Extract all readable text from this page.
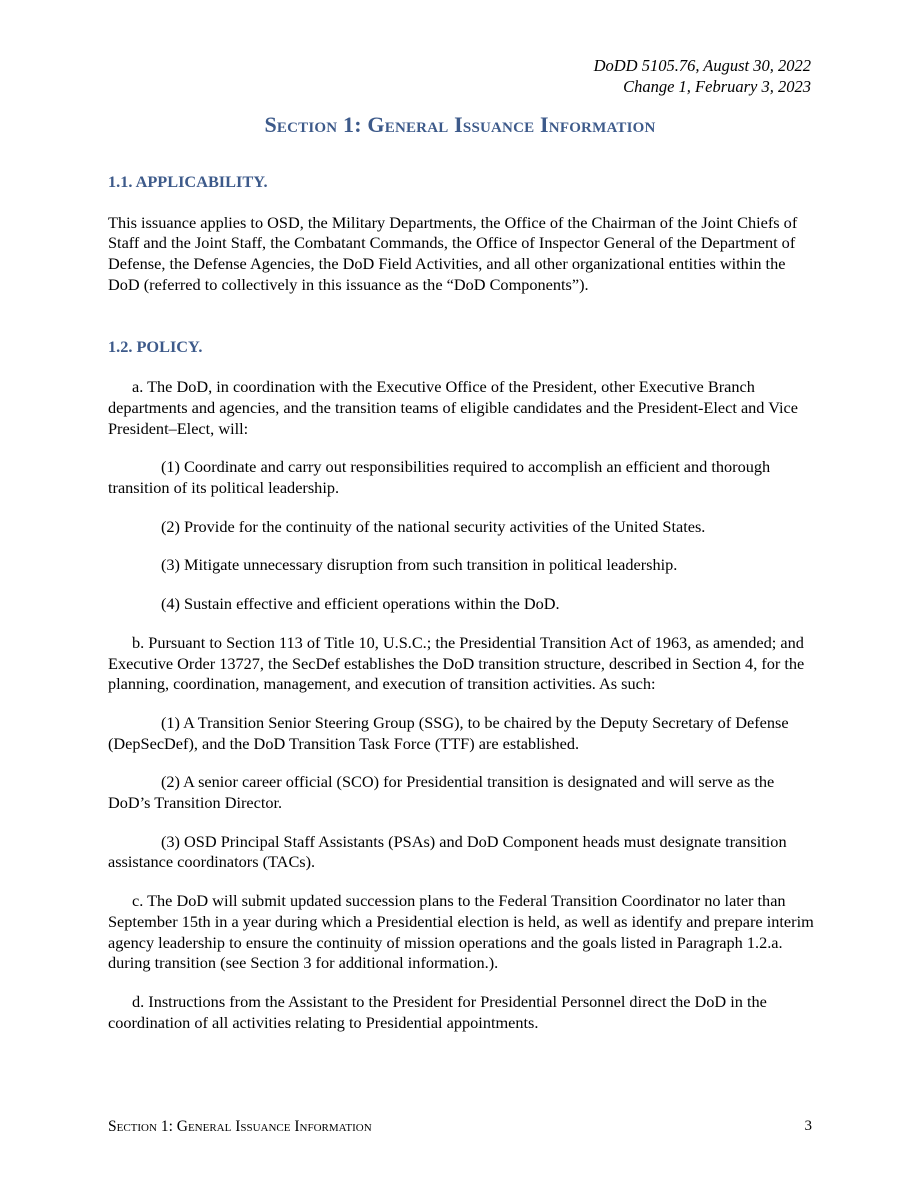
DoDD 5105.76, August 30, 2022
Change 1, February 3, 2023
Section 1: General Issuance Information
1.1. APPLICABILITY.

This issuance applies to OSD, the Military Departments, the Office of the Chairman of the Joint Chiefs of Staff and the Joint Staff, the Combatant Commands, the Office of Inspector General of the Department of Defense, the Defense Agencies, the DoD Field Activities, and all other organizational entities within the DoD (referred to collectively in this issuance as the “DoD Components”).

1.2. POLICY.

a. The DoD, in coordination with the Executive Office of the President, other Executive Branch departments and agencies, and the transition teams of eligible candidates and the President-Elect and Vice President–Elect, will:

(1) Coordinate and carry out responsibilities required to accomplish an efficient and thorough transition of its political leadership.

(2) Provide for the continuity of the national security activities of the United States.

(3) Mitigate unnecessary disruption from such transition in political leadership.

(4) Sustain effective and efficient operations within the DoD.

b. Pursuant to Section 113 of Title 10, U.S.C.; the Presidential Transition Act of 1963, as amended; and Executive Order 13727, the SecDef establishes the DoD transition structure, described in Section 4, for the planning, coordination, management, and execution of transition activities. As such:

(1) A Transition Senior Steering Group (SSG), to be chaired by the Deputy Secretary of Defense (DepSecDef), and the DoD Transition Task Force (TTF) are established.

(2) A senior career official (SCO) for Presidential transition is designated and will serve as the DoD’s Transition Director.

(3) OSD Principal Staff Assistants (PSAs) and DoD Component heads must designate transition assistance coordinators (TACs).

c. The DoD will submit updated succession plans to the Federal Transition Coordinator no later than September 15th in a year during which a Presidential election is held, as well as identify and prepare interim agency leadership to ensure the continuity of mission operations and the goals listed in Paragraph 1.2.a. during transition (see Section 3 for additional information.).

d. Instructions from the Assistant to the President for Presidential Personnel direct the DoD in the coordination of all activities relating to Presidential appointments.

Section 1: General Issuance Information	3
